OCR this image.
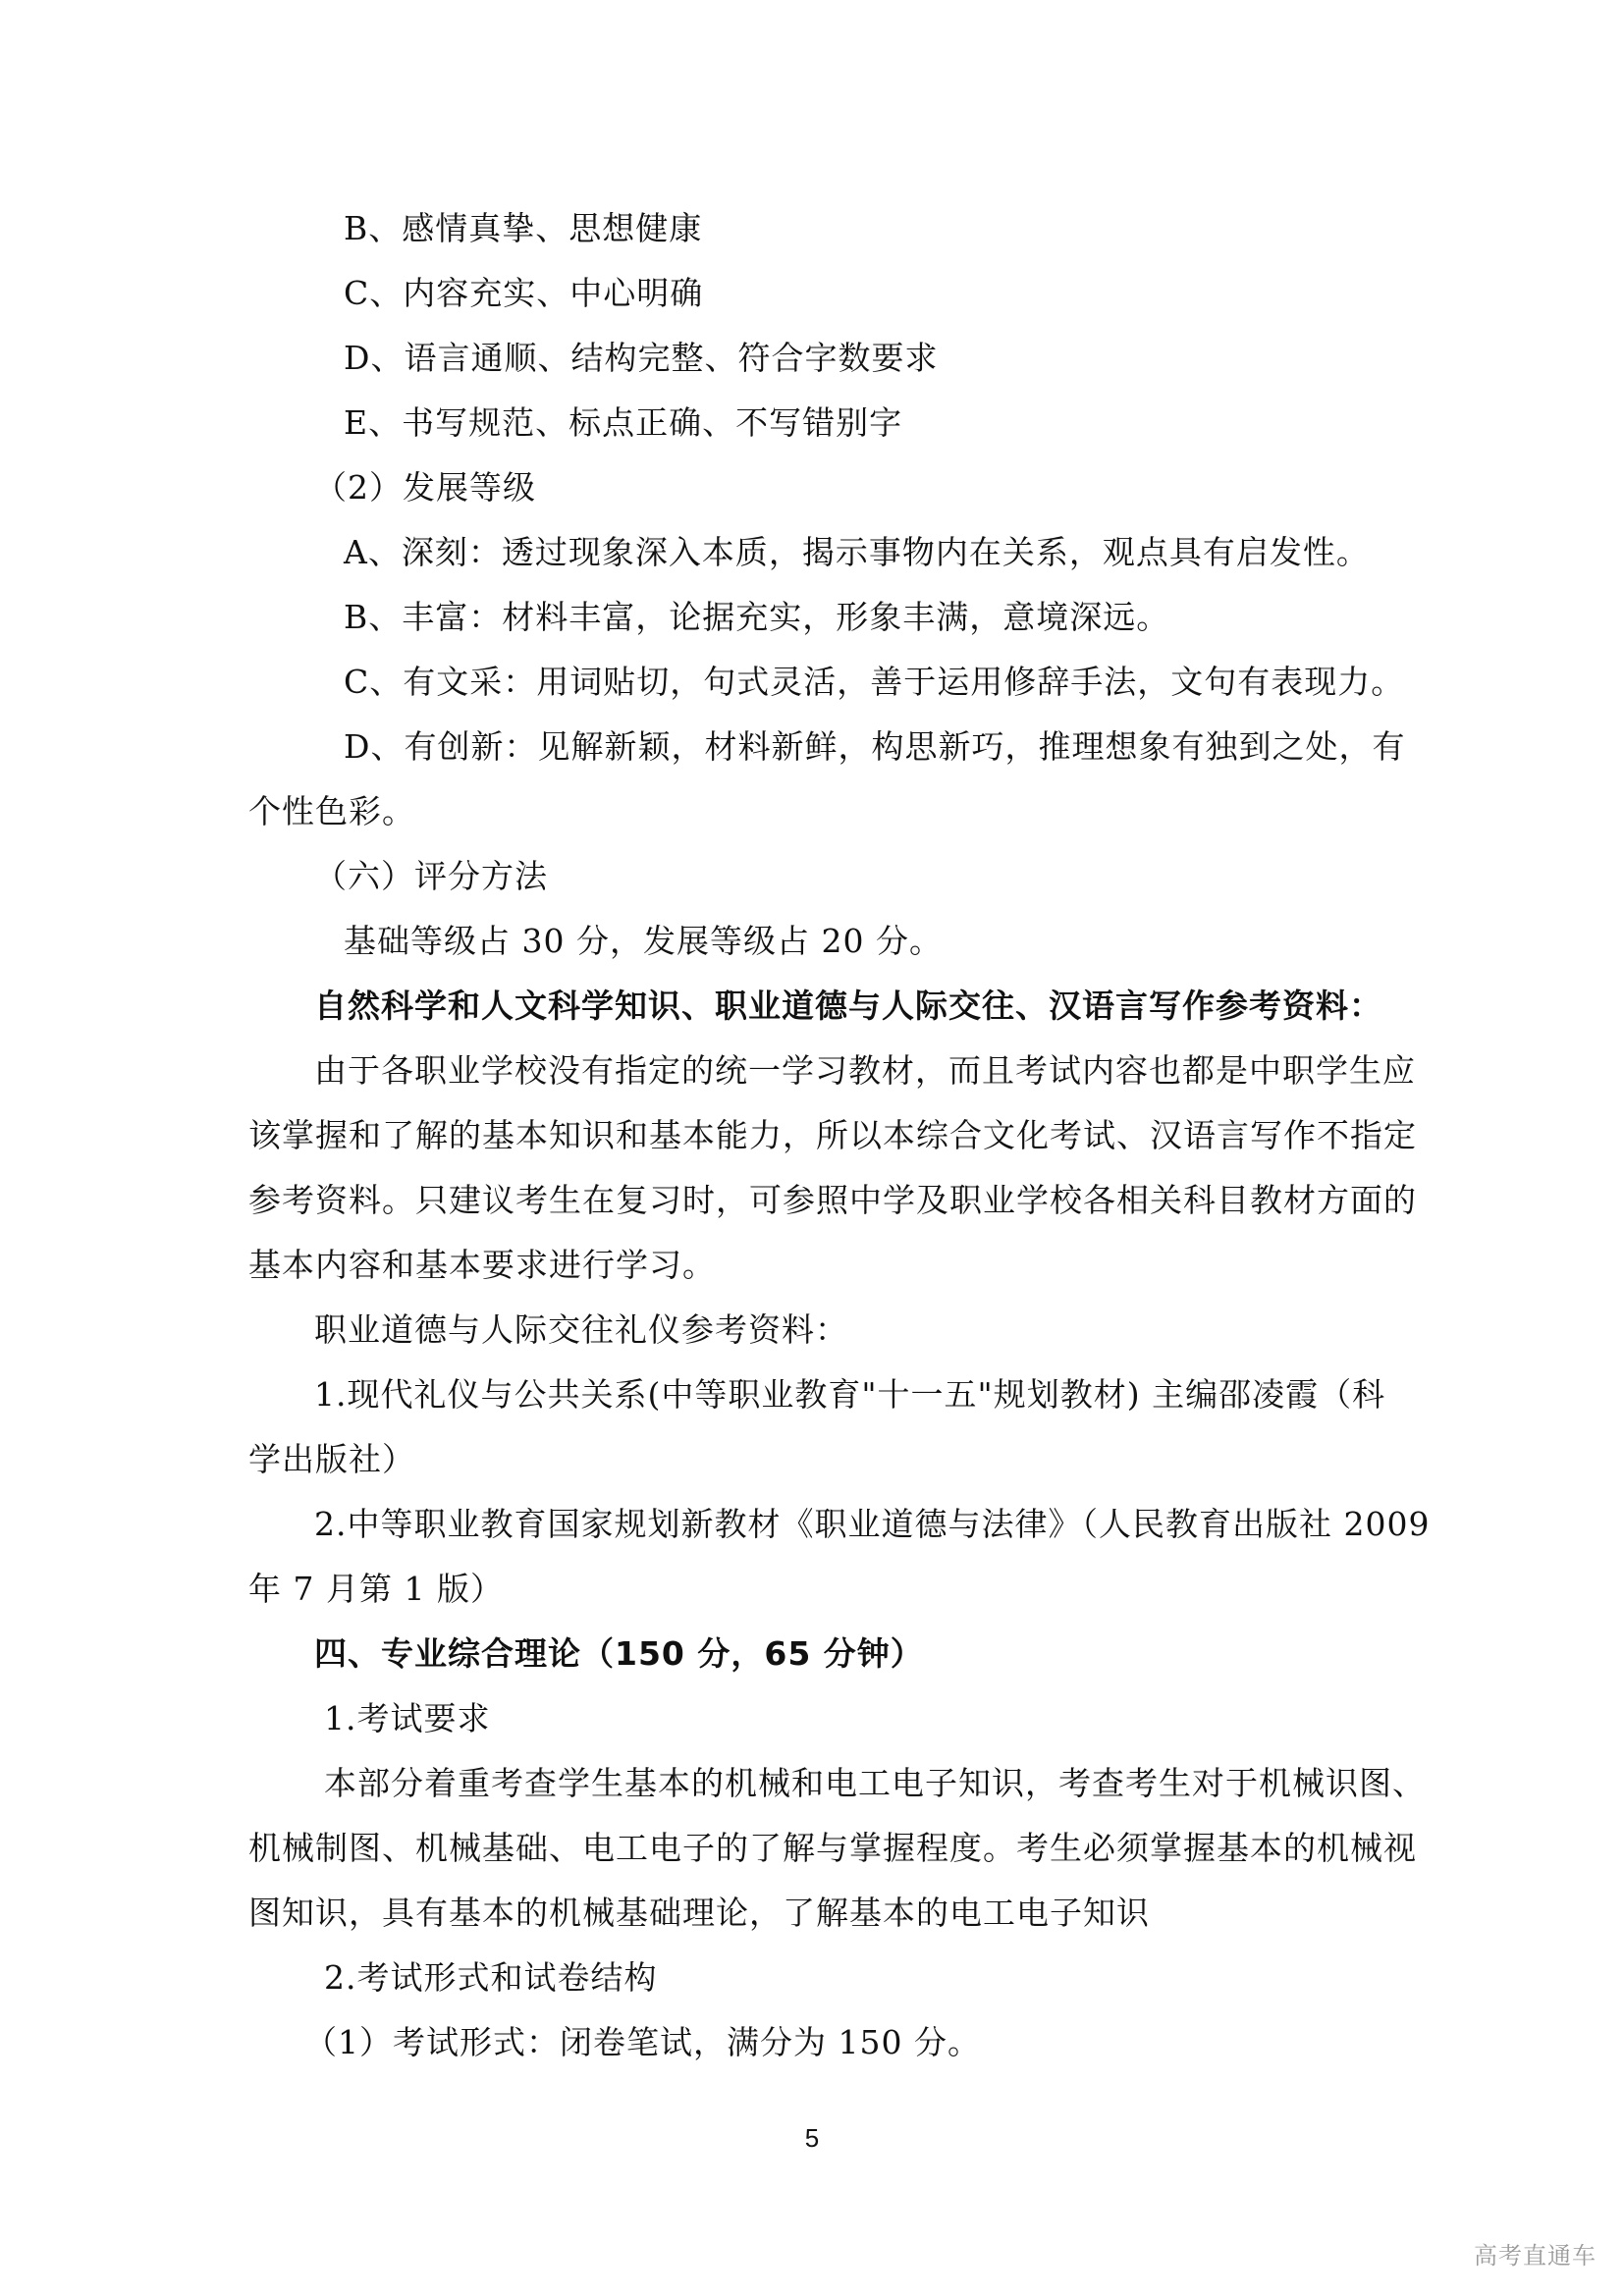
B、感情真挚、思想健康
C、内容充实、中心明确
D、语言通顺、结构完整、符合字数要求
E、书写规范、标点正确、不写错别字
（2）发展等级
A、深刻：透过现象深入本质，揭示事物内在关系，观点具有启发性。
B、丰富：材料丰富，论据充实，形象丰满，意境深远。
C、有文采：用词贴切，句式灵活，善于运用修辞手法，文句有表现力。
D、有创新：见解新颖，材料新鲜，构思新巧，推理想象有独到之处，有
个性色彩。
（六）评分方法
基础等级占 30 分，发展等级占 20 分。
自然科学和人文科学知识、职业道德与人际交往、汉语言写作参考资料：
由于各职业学校没有指定的统一学习教材，而且考试内容也都是中职学生应
该掌握和了解的基本知识和基本能力，所以本综合文化考试、汉语言写作不指定
参考资料。只建议考生在复习时，可参照中学及职业学校各相关科目教材方面的
基本内容和基本要求进行学习。
职业道德与人际交往礼仪参考资料：
1.现代礼仪与公共关系(中等职业教育"十一五"规划教材) 主编邵凌霞（科
学出版社）
2.中等职业教育国家规划新教材《职业道德与法律》（人民教育出版社 2009
年 7 月第 1 版）
四、专业综合理论（150 分，65 分钟）
1.考试要求
本部分着重考查学生基本的机械和电工电子知识，考查考生对于机械识图、
机械制图、机械基础、电工电子的了解与掌握程度。考生必须掌握基本的机械视
图知识，具有基本的机械基础理论，了解基本的电工电子知识
2.考试形式和试卷结构
（1）考试形式：闭卷笔试，满分为 150 分。
5
高考直通车
